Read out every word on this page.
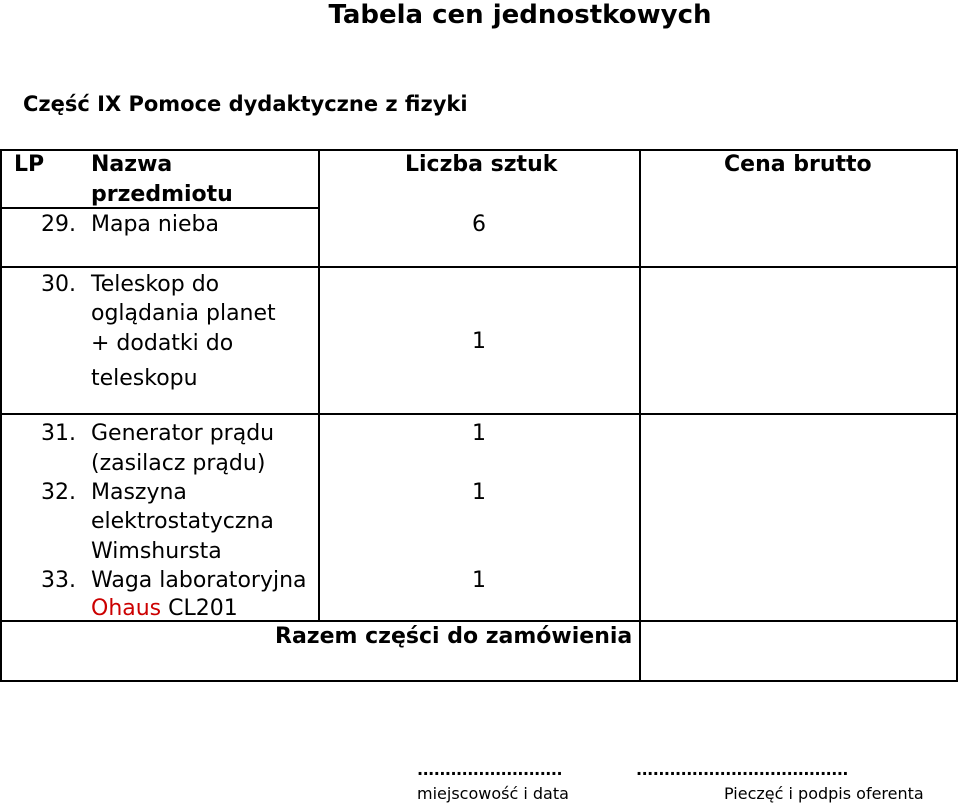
Tabela cen jednostkowych
Część IX Pomoce dydaktyczne z fizyki
LP Nazwa
przedmiotu
Liczba sztuk	Cena brutto
29. Mapa nieba	6
30. Teleskop do
oglądania planet
+ dodatki do
teleskopu
1
31. Generator prądu
(zasilacz prądu)
1
32. Maszyna
elektrostatyczna
Wimshursta
1
33. Waga laboratoryjna
Ohaus CL201
1
Razem części do zamówienia
..........................
miejscowość i data
......................................
Pieczęć i podpis oferenta
